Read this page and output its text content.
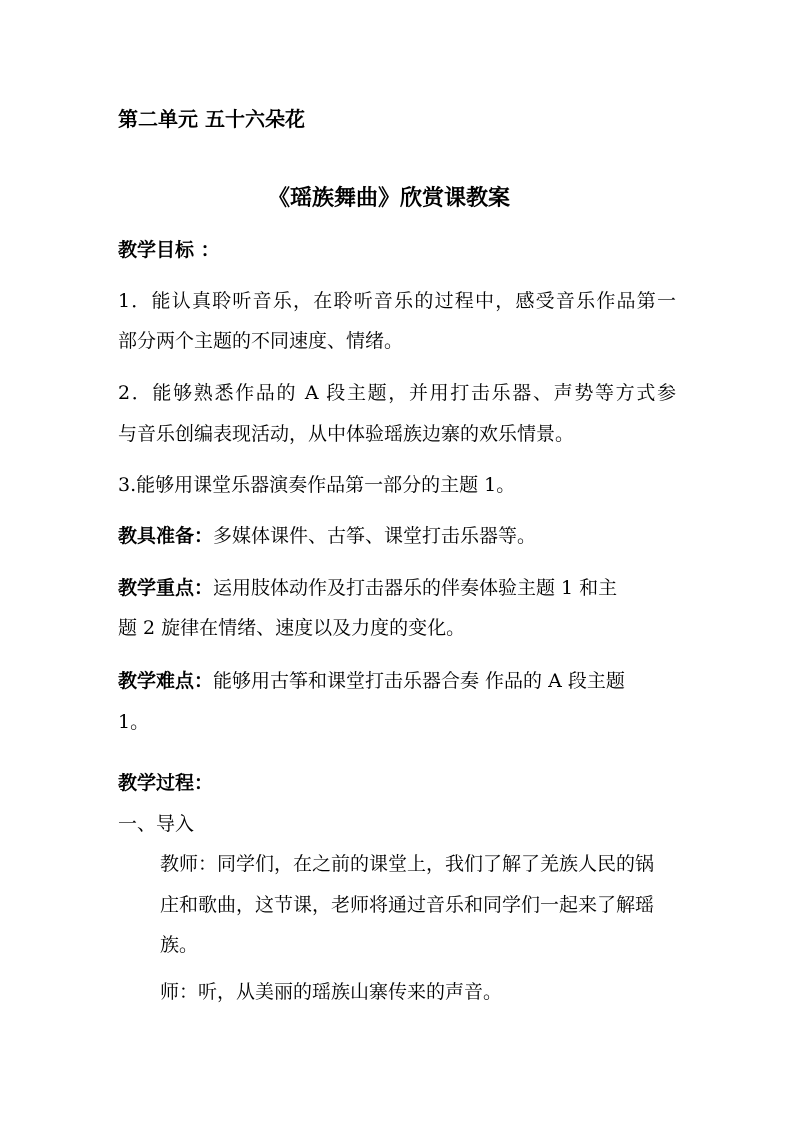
第二单元 五十六朵花
《瑶族舞曲》欣赏课教案
教学目标 ：
1．能认真聆听音乐，在聆听音乐的过程中，感受音乐作品第一
部分两个主题的不同速度、情绪。
2．能够熟悉作品的 A 段主题，并用打击乐器、声势等方式参
与音乐创编表现活动，从中体验瑶族边寨的欢乐情景。
3.能够用课堂乐器演奏作品第一部分的主题 1。
教具准备：多媒体课件、古筝、课堂打击乐器等。
教学重点：运用肢体动作及打击器乐的伴奏体验主题 1 和主
题 2 旋律在情绪、速度以及力度的变化。
教学难点：能够用古筝和课堂打击乐器合奏 作品的 A 段主题
1。
教学过程：
一、导入
教师：同学们，在之前的课堂上，我们了解了羌族人民的锅
庄和歌曲，这节课，老师将通过音乐和同学们一起来了解瑶
族。
师：听，从美丽的瑶族山寨传来的声音。
